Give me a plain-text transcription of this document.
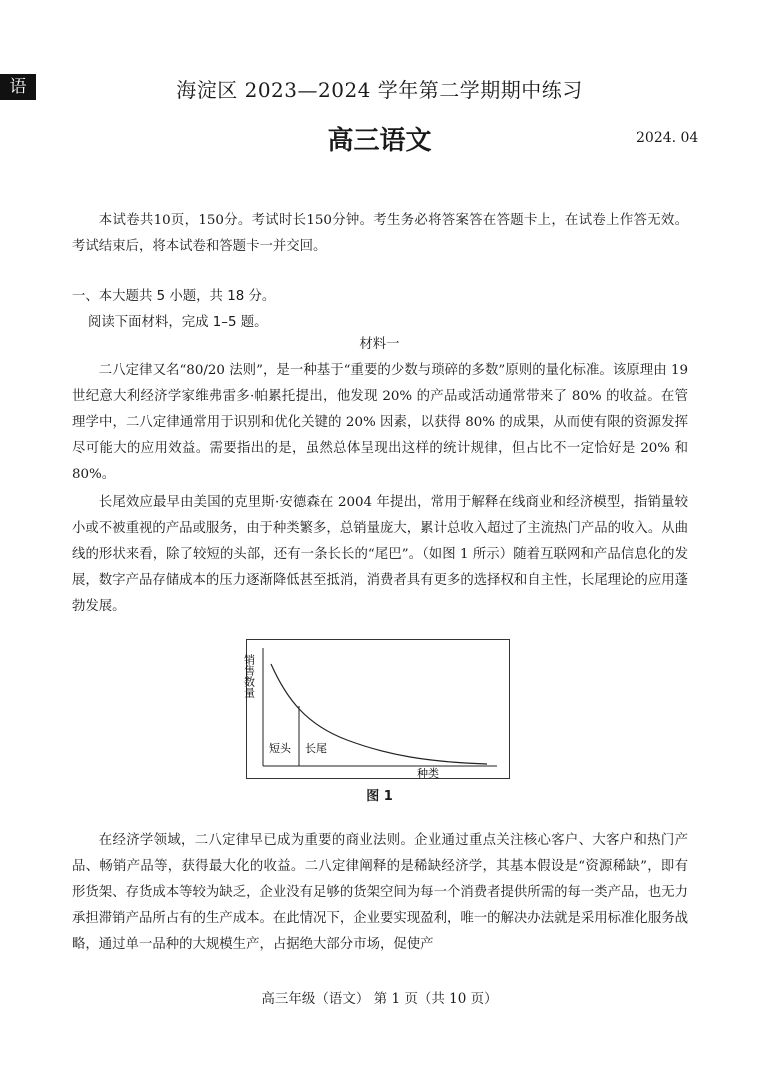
语	海淀区 2023—2024 学年第二学期期中练习
高三语文	2024. 04

本试卷共10页，150分。考试时长150分钟。考生务必将答案答在答题卡上，在试卷上作答无效。考试结束后，将本试卷和答题卡一并交回。

一、本大题共 5 小题，共 18 分。

阅读下面材料，完成 1–5 题。

材料一

二八定律又名“80/20 法则”，是一种基于“重要的少数与琐碎的多数”原则的量化标准。该原理由 19 世纪意大利经济学家维弗雷多·帕累托提出，他发现 20% 的产品或活动通常带来了 80% 的收益。在管理学中，二八定律通常用于识别和优化关键的 20% 因素，以获得 80% 的成果，从而使有限的资源发挥尽可能大的应用效益。需要指出的是，虽然总体呈现出这样的统计规律，但占比不一定恰好是 20% 和 80%。

长尾效应最早由美国的克里斯·安德森在 2004 年提出，常用于解释在线商业和经济模型，指销量较小或不被重视的产品或服务，由于种类繁多，总销量庞大，累计总收入超过了主流热门产品的收入。从曲线的形状来看，除了较短的头部，还有一条长长的“尾巴”。（如图 1 所示）随着互联网和产品信息化的发展，数字产品存储成本的压力逐渐降低甚至抵消，消费者具有更多的选择权和自主性，长尾理论的应用蓬勃发展。

销售数量
短头 长尾
种类
图 1

在经济学领域，二八定律早已成为重要的商业法则。企业通过重点关注核心客户、大客户和热门产品、畅销产品等，获得最大化的收益。二八定律阐释的是稀缺经济学，其基本假设是“资源稀缺”，即有形货架、存货成本等较为缺乏，企业没有足够的货架空间为每一个消费者提供所需的每一类产品，也无力承担滞销产品所占有的生产成本。在此情况下，企业要实现盈利，唯一的解决办法就是采用标准化服务战略，通过单一品种的大规模生产，占据绝大部分市场，促使产

高三年级（语文） 第 1 页（共 10 页）
